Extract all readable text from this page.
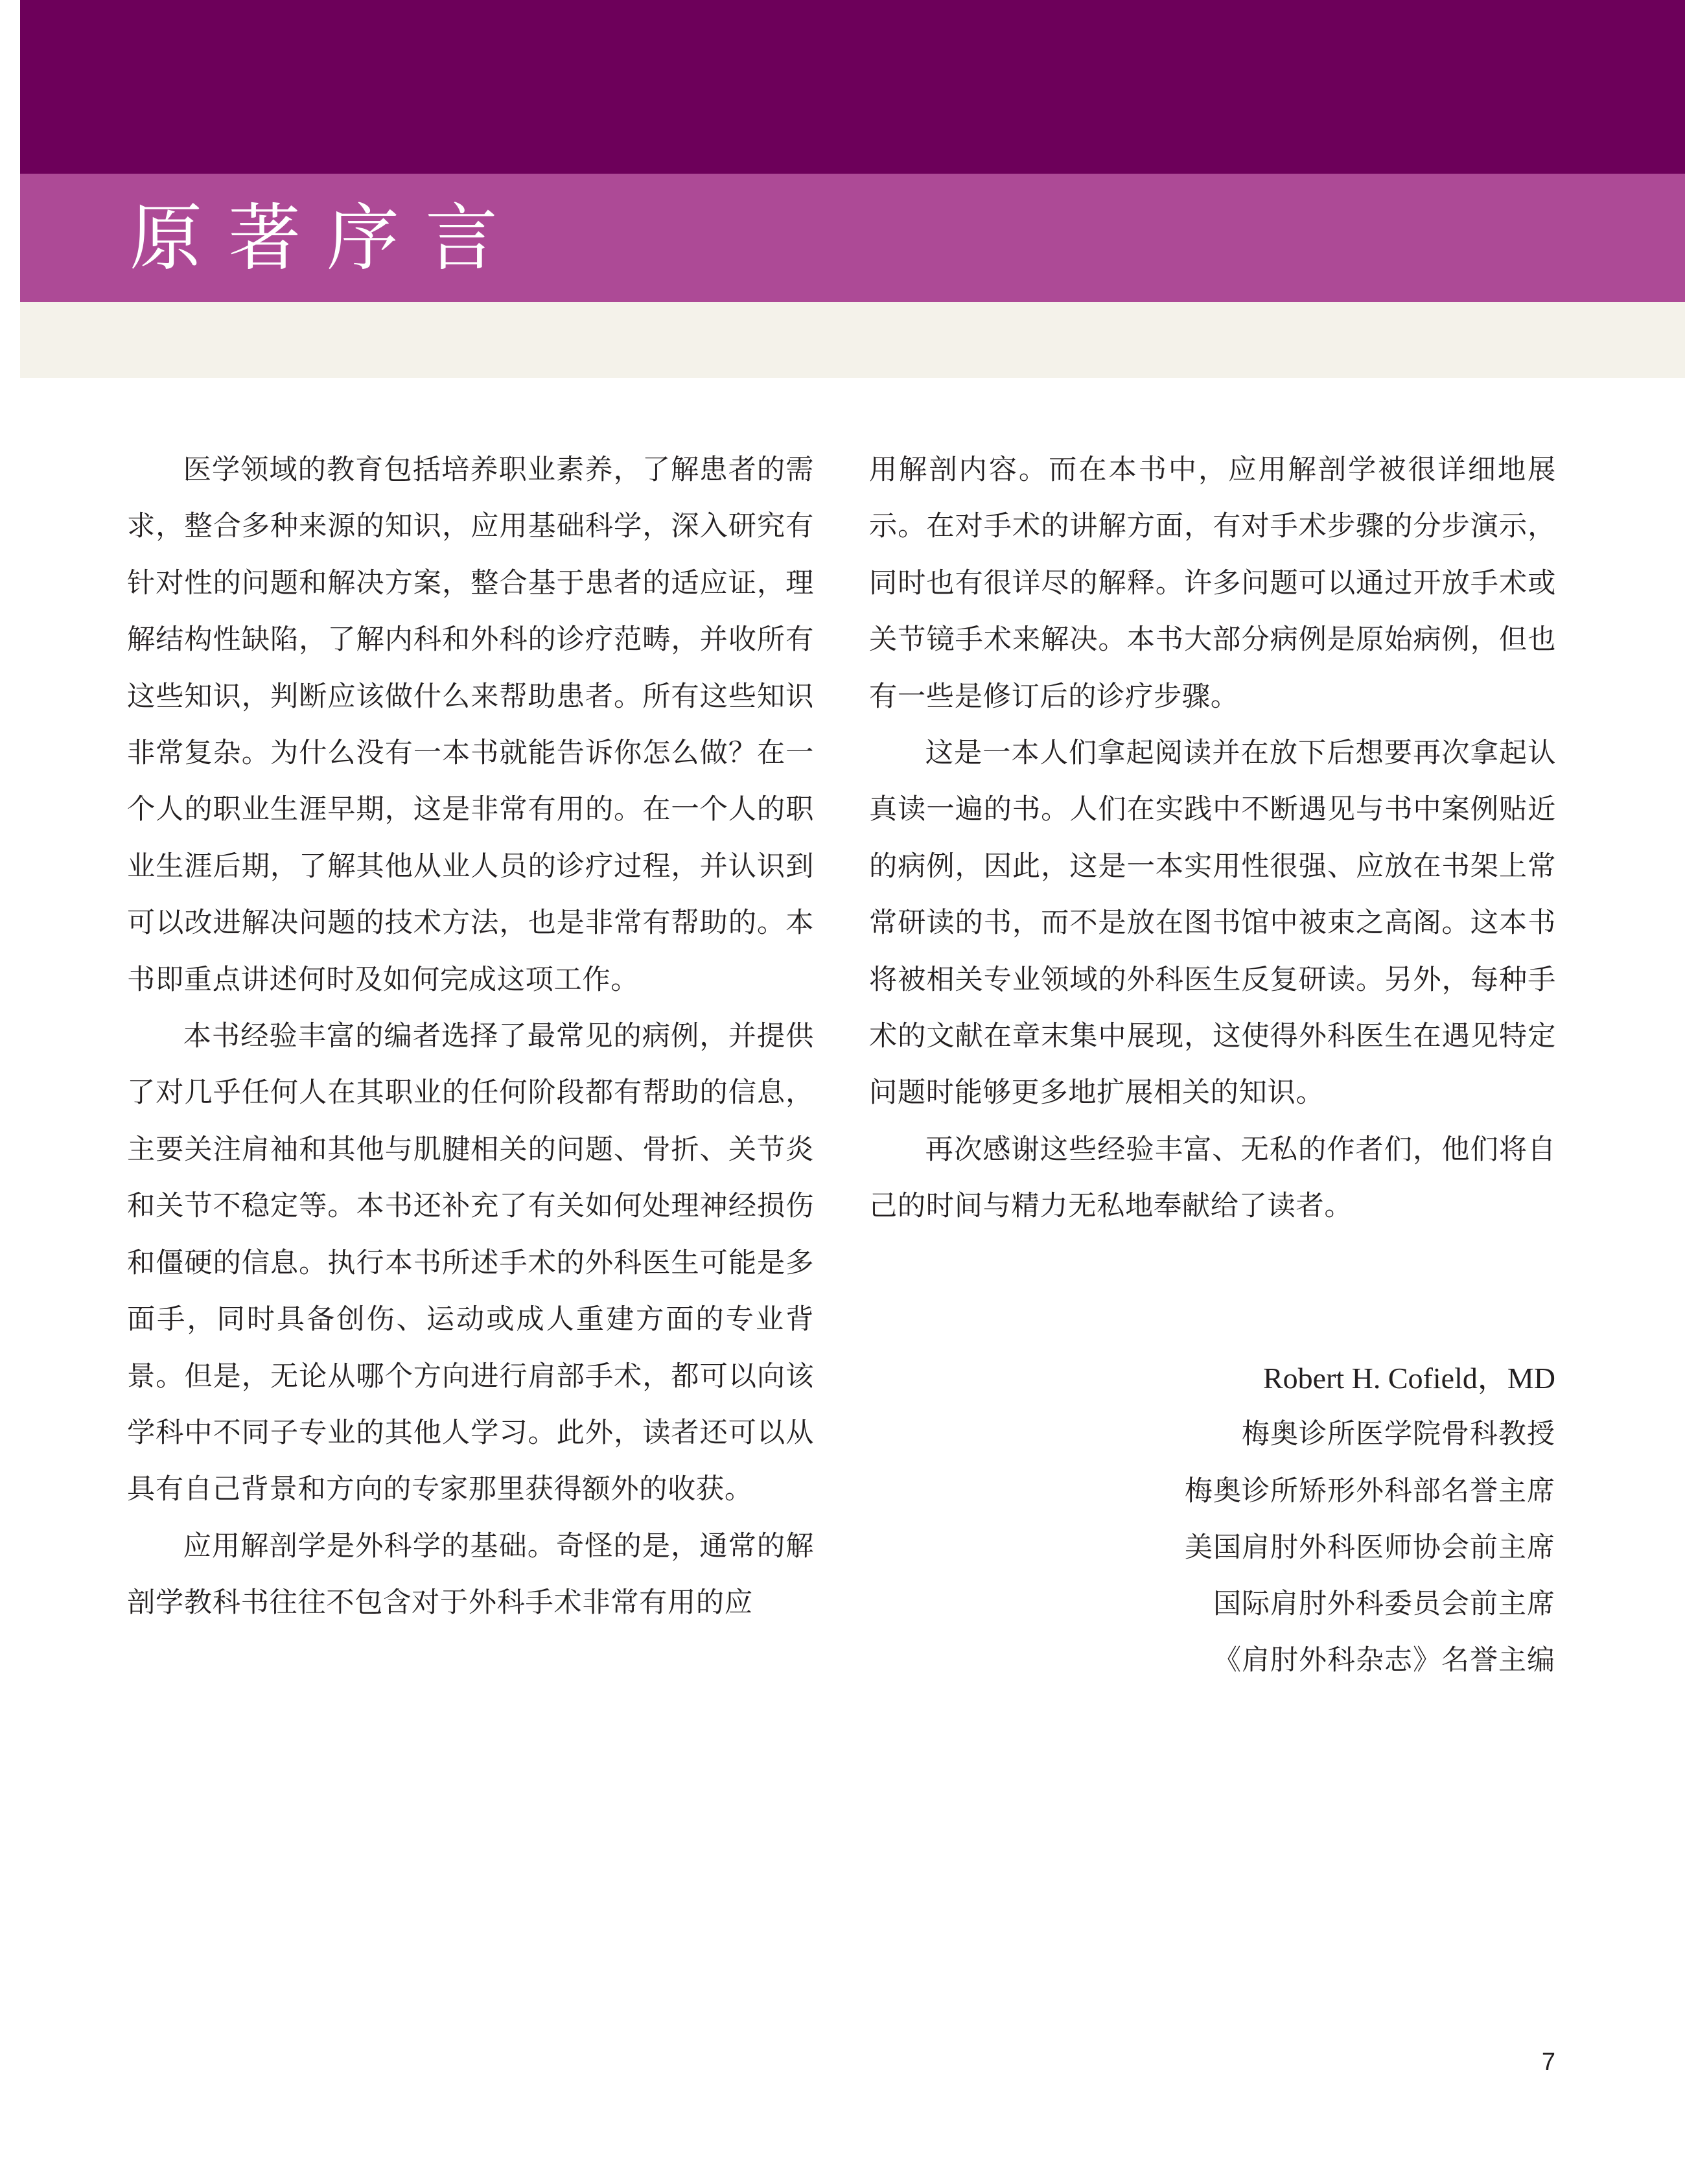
原著序言

医学领域的教育包括培养职业素养，了解患者的需求，整合多种来源的知识，应用基础科学，深入研究有针对性的问题和解决方案，整合基于患者的适应证，理解结构性缺陷，了解内科和外科的诊疗范畴，并收所有这些知识，判断应该做什么来帮助患者。所有这些知识非常复杂。为什么没有一本书就能告诉你怎么做？在一个人的职业生涯早期，这是非常有用的。在一个人的职业生涯后期，了解其他从业人员的诊疗过程，并认识到可以改进解决问题的技术方法，也是非常有帮助的。本书即重点讲述何时及如何完成这项工作。

本书经验丰富的编者选择了最常见的病例，并提供了对几乎任何人在其职业的任何阶段都有帮助的信息，主要关注肩袖和其他与肌腱相关的问题、骨折、关节炎和关节不稳定等。本书还补充了有关如何处理神经损伤和僵硬的信息。执行本书所述手术的外科医生可能是多面手，同时具备创伤、运动或成人重建方面的专业背景。但是，无论从哪个方向进行肩部手术，都可以向该学科中不同子专业的其他人学习。此外，读者还可以从具有自己背景和方向的专家那里获得额外的收获。

应用解剖学是外科学的基础。奇怪的是，通常的解剖学教科书往往不包含对于外科手术非常有用的应

用解剖内容。而在本书中，应用解剖学被很详细地展示。在对手术的讲解方面，有对手术步骤的分步演示，同时也有很详尽的解释。许多问题可以通过开放手术或关节镜手术来解决。本书大部分病例是原始病例，但也有一些是修订后的诊疗步骤。

这是一本人们拿起阅读并在放下后想要再次拿起认真读一遍的书。人们在实践中不断遇见与书中案例贴近的病例，因此，这是一本实用性很强、应放在书架上常常研读的书，而不是放在图书馆中被束之高阁。这本书将被相关专业领域的外科医生反复研读。另外，每种手术的文献在章末集中展现，这使得外科医生在遇见特定问题时能够更多地扩展相关的知识。

再次感谢这些经验丰富、无私的作者们，他们将自己的时间与精力无私地奉献给了读者。

Robert H. Cofield，MD
梅奥诊所医学院骨科教授
梅奥诊所矫形外科部名誉主席
美国肩肘外科医师协会前主席
国际肩肘外科委员会前主席
《肩肘外科杂志》名誉主编
7
